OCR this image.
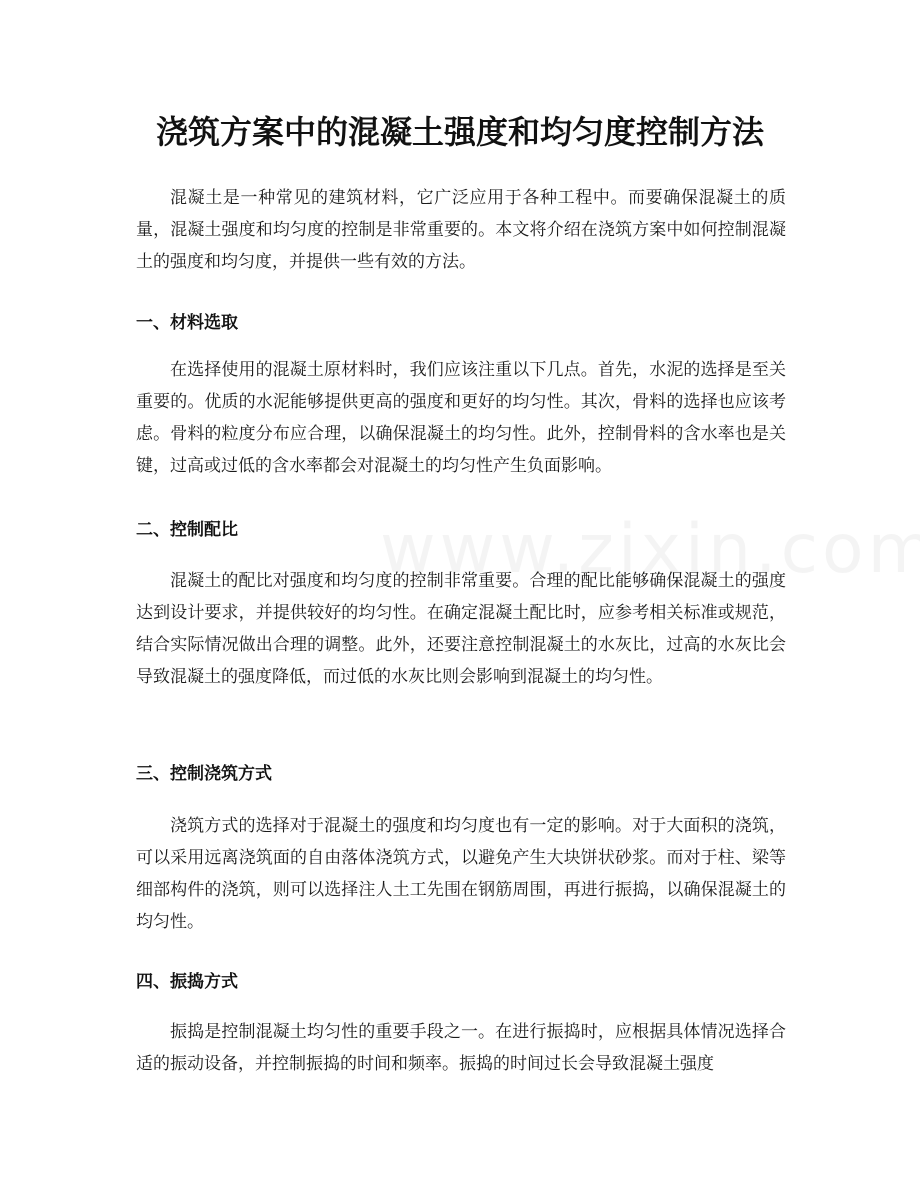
浇筑方案中的混凝土强度和均匀度控制方法

混凝土是一种常见的建筑材料，它广泛应用于各种工程中。而要确保混凝土的质量，混凝土强度和均匀度的控制是非常重要的。本文将介绍在浇筑方案中如何控制混凝土的强度和均匀度，并提供一些有效的方法。

一、材料选取

在选择使用的混凝土原材料时，我们应该注重以下几点。首先，水泥的选择是至关重要的。优质的水泥能够提供更高的强度和更好的均匀性。其次，骨料的选择也应该考虑。骨料的粒度分布应合理，以确保混凝土的均匀性。此外，控制骨料的含水率也是关键，过高或过低的含水率都会对混凝土的均匀性产生负面影响。

二、控制配比

混凝土的配比对强度和均匀度的控制非常重要。合理的配比能够确保混凝土的强度达到设计要求，并提供较好的均匀性。在确定混凝土配比时，应参考相关标准或规范，结合实际情况做出合理的调整。此外，还要注意控制混凝土的水灰比，过高的水灰比会导致混凝土的强度降低，而过低的水灰比则会影响到混凝土的均匀性。

三、控制浇筑方式

浇筑方式的选择对于混凝土的强度和均匀度也有一定的影响。对于大面积的浇筑，可以采用远离浇筑面的自由落体浇筑方式，以避免产生大块饼状砂浆。而对于柱、梁等细部构件的浇筑，则可以选择注人土工先围在钢筋周围，再进行振捣，以确保混凝土的均匀性。

四、振捣方式

振捣是控制混凝土均匀性的重要手段之一。在进行振捣时，应根据具体情况选择合适的振动设备，并控制振捣的时间和频率。振捣的时间过长会导致混凝土强度
